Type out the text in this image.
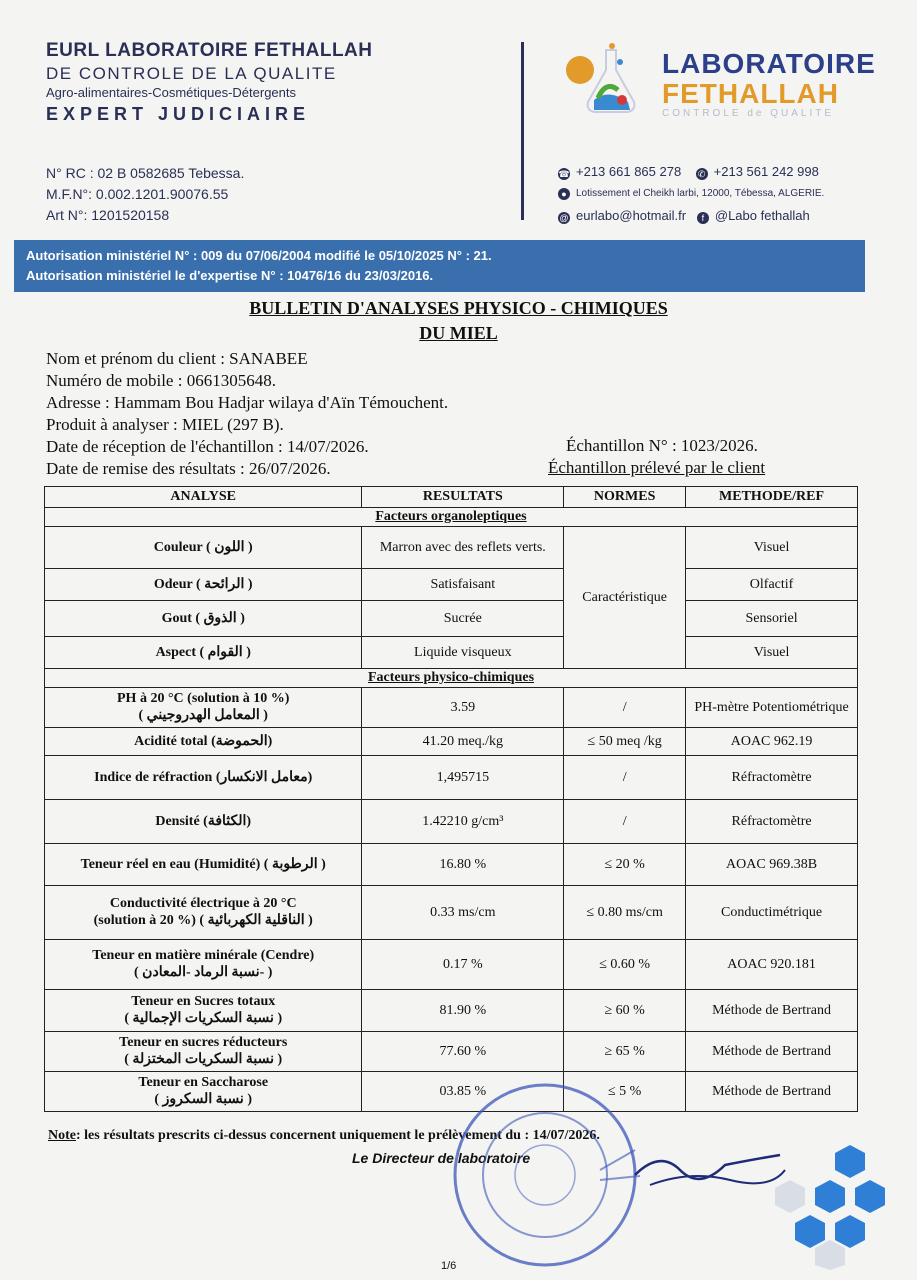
EURL LABORATOIRE FETHALLAH
DE CONTROLE DE LA QUALITE
Agro-alimentaires-Cosmétiques-Détergents
EXPERT JUDICIAIRE
N° RC : 02 B 0582685 Tebessa.
M.F.N°: 0.002.1201.90076.55
Art N°: 1201520158
LABORATOIRE
FETHALLAH
CONTROLE de QUALITE
☎ +213 661 865 278 ✆ +213 561 242 998
● Lotissement el Cheikh larbi, 12000, Tébessa, ALGERIE.
@ eurlabo@hotmail.fr f @Labo fethallah
Autorisation ministériel N° : 009 du 07/06/2004 modifié le 05/10/2025 N° : 21.
Autorisation ministériel le d'expertise N° : 10476/16 du 23/03/2016.
BULLETIN D'ANALYSES PHYSICO - CHIMIQUES
DU MIEL
Nom et prénom du client : SANABEE
Numéro de mobile : 0661305648.
Adresse : Hammam Bou Hadjar wilaya d'Aïn Témouchent.
Produit à analyser : MIEL (297 B).
Date de réception de l'échantillon : 14/07/2026.
Date de remise des résultats : 26/07/2026.
Échantillon N° : 1023/2026.
Échantillon prélevé par le client
ANALYSE	RESULTATS	NORMES	METHODE/REF
Facteurs organoleptiques			
Couleur ( اللون )	Marron avec des reflets verts.	Caractéristique	Visuel
Odeur ( الرائحة )	Satisfaisant		Olfactif
Gout ( الذوق )	Sucrée		Sensoriel
Aspect ( القوام )	Liquide visqueux		Visuel
Facteurs physico-chimiques			

PH à 20 °C (solution à 10 %)
( المعامل الهدروجيني )	3.59	/	PH-mètre Potentiométrique
Acidité total (الحموضة)	41.20 meq./kg	≤ 50 meq /kg	AOAC 962.19
Indice de réfraction (معامل الانكسار)	1,495715	/	Réfractomètre
Densité (الكثافة)	1.42210 g/cm³	/	Réfractomètre
Teneur réel en eau (Humidité) ( الرطوبة )	16.80 %	≤ 20 %	AOAC 969.38B

Conductivité électrique à 20 °C
(solution à 20 %) ( الناقلية الكهربائية )	0.33 ms/cm	≤ 0.80 ms/cm	Conductimétrique

Teneur en matière minérale (Cendre)
( نسبة الرماد -المعادن- )	0.17 %	≤ 0.60 %	AOAC 920.181

Teneur en Sucres totaux
( نسبة السكريات الإجمالية )	81.90 %	≥ 60 %	Méthode de Bertrand

Teneur en sucres réducteurs
( نسبة السكريات المختزلة )	77.60 %	≥ 65 %	Méthode de Bertrand

Teneur en Saccharose
( نسبة السكروز )	03.85 %	≤ 5 %	Méthode de Bertrand
Note: les résultats prescrits ci-dessus concernent uniquement le prélèvement du : 14/07/2026.
Le Directeur de laboratoire
1/6
